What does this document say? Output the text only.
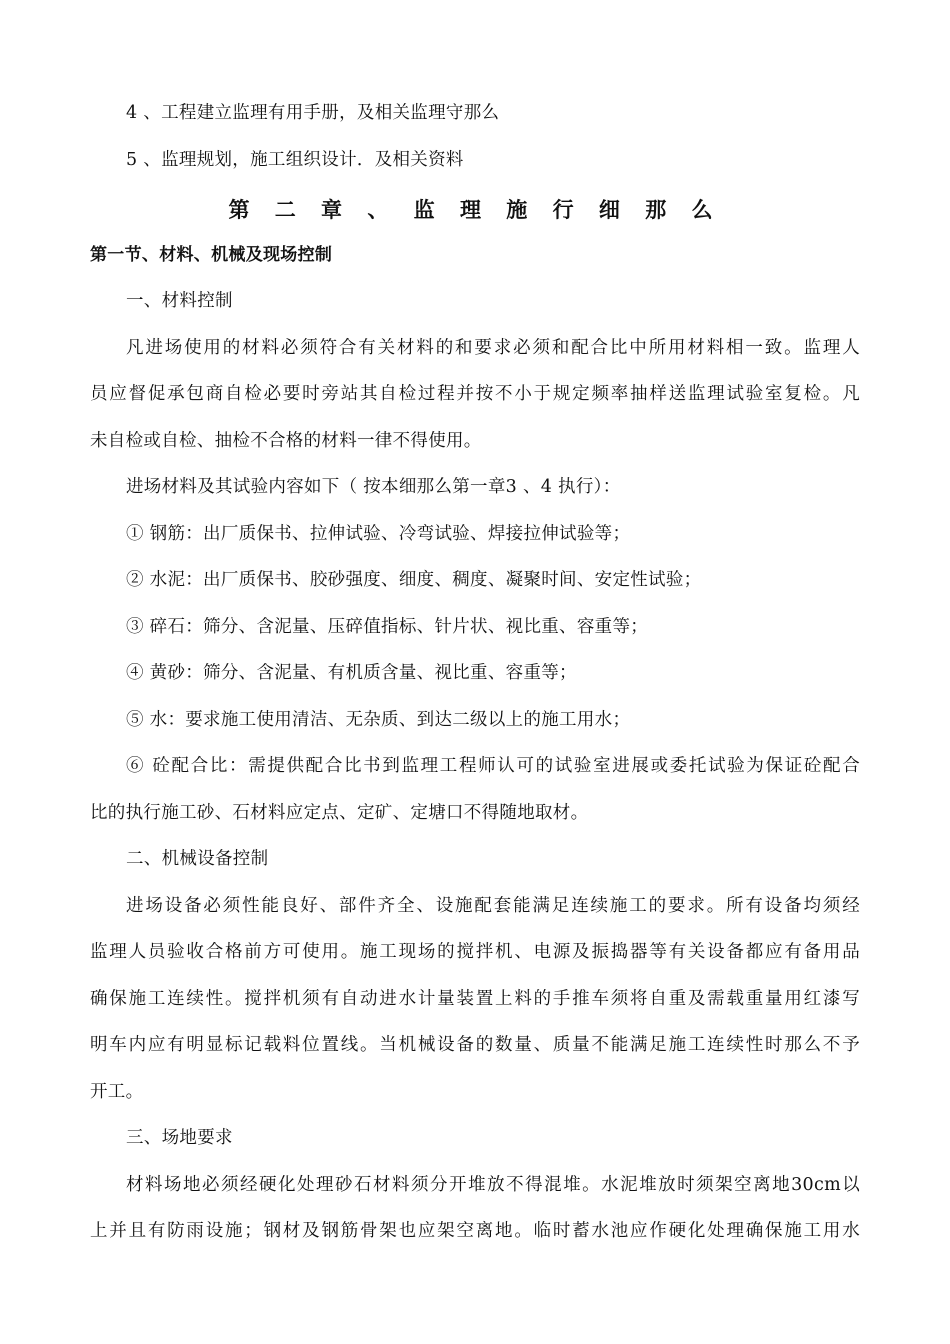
4 、工程建立监理有用手册，及相关监理守那么
5 、监理规划，施工组织设计．及相关资料
第 二 章 、 监 理 施 行 细 那 么
第一节、材料、机械及现场控制
一、材料控制
凡进场使用的材料必须符合有关材料的和要求必须和配合比中所用材料相一致。监理人
员应督促承包商自检必要时旁站其自检过程并按不小于规定频率抽样送监理试验室复检。凡
未自检或自检、抽检不合格的材料一律不得使用。
进场材料及其试验内容如下（ 按本细那么第一章3 、4 执行）：
① 钢筋：出厂质保书、拉伸试验、冷弯试验、焊接拉伸试验等；
② 水泥：出厂质保书、胶砂强度、细度、稠度、凝聚时间、安定性试验；
③ 碎石：筛分、含泥量、压碎值指标、针片状、视比重、容重等；
④ 黄砂：筛分、含泥量、有机质含量、视比重、容重等；
⑤ 水：要求施工使用清洁、无杂质、到达二级以上的施工用水；
⑥ 砼配合比：需提供配合比书到监理工程师认可的试验室进展或委托试验为保证砼配合
比的执行施工砂、石材料应定点、定矿、定塘口不得随地取材。
二、机械设备控制
进场设备必须性能良好、部件齐全、设施配套能满足连续施工的要求。所有设备均须经
监理人员验收合格前方可使用。施工现场的搅拌机、电源及振捣器等有关设备都应有备用品
确保施工连续性。搅拌机须有自动进水计量装置上料的手推车须将自重及需载重量用红漆写
明车内应有明显标记载料位置线。当机械设备的数量、质量不能满足施工连续性时那么不予
开工。
三、场地要求
材料场地必须经硬化处理砂石材料须分开堆放不得混堆。水泥堆放时须架空离地30cm以
上并且有防雨设施；钢材及钢筋骨架也应架空离地。临时蓄水池应作硬化处理确保施工用水
